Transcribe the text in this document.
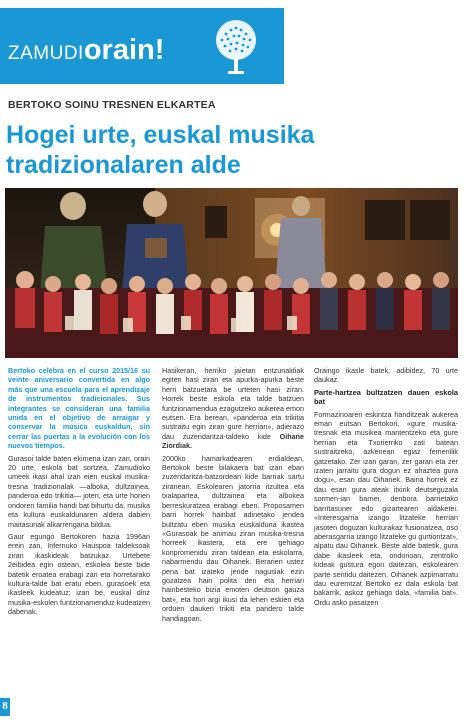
ZAMUDIorain!
BERTOKO SOINU TRESNEN ELKARTEA
Hogei urte, euskal musika tradizionalaren alde

Bertoko celebra en el curso 2015/16 su veinte aniversario convertida en algo más que una escuela para el aprendizaje de instrumentos tradicionales. Sus integrantes se consideran una familia unida en el objetivo de arraigar y conservar la música euskaldun, sin cerrar las puertas a la evolución con los nuevos tiempos.

Gurasoi talde baten ekimena izan zan, orain 20 urte, eskola bat sortzea, Zamudioko umeek ikasi ahal izan eien euskal musika-tresna tradizionalak —alboka, dultzainea, panderoa edo trikitia— joten, eta urte horien ondoren familia handi bat bihurtu da, musika eta kultura euskaldunaren aldera dabien maitasunak alkarrengana bildua.

Gaur egungo Bertokoren hazia 1996an erein zan, Infernuko Hauspoa taldeksoak ziran ikaskideak batzukaz. Urtebete 2eibidea egin ostean, eskolea beste bide batetik eroatea erabagi zan eta horretarako kultura-talde bat eratu eben, gurasoek eta ikasleek kudeatuz; izan be, euskal dinz musika-eskolen funtzionamenduz kudeatzen dabenak.

Hasikeran, herriko jaietan entzunaldiak egiten hasi ziran eta apurka-apurka beste herri batzuetara be urteten hasi ziran. Horrek beste eskola eta talde batzuen funtzionamendua ezagutzeko aukerea emon eutsen. Era berean, «panderoa eta trikitia sustraitu egin ziran gure herrian», adierazo dau zuzendaritza-taldeko kide Oihane Ziordiak.

2000ko hamarkadearen erdialdean, Bertokok beste bilakaera bat izan eban zuzendaritza-batzordean kide barriak sartu ziranean. Eskolearen jatorria itzultea eta txalapartea, dultzainea eta albokea berreskuratzea erabagi eben. Proposamen barri horrek hainbat adinetako jendea bultzatu eben musika euskalduna ikastea «Gurasoak be animau ziran musika-tresna horreek ikastera, eta ere gehiago konpromenidu ziran taldean eta eskolarra, nabarmendu dau Oihanek. Berarien ustez pena bat izateko jende nagusiak ezin gozatzea hain polita den eta herriari hainbesteko bizia emoten deutson gauza bat», eta hori argi ikusi da lehen eskien eta orduen dauken trikiti eta pandero talde handiagoan.

Oraingo ikasle batek, adibidez, 70 urte daukaz.

Parte-hartzea bultzatzen dauen eskola bat

Formazinoaren eskintza handitzeak aukerea eman eutsan Bertokori, «gure musika-tresnak eta musikea mantentzeko eta gure herrian eta Txorierriko zati batean sustraitzeko, azkenean egiaz femenilik gatzetako. Zer izan garan, zer garan eta zer izaten jarraitu gura dogun ez ahaztea gura dogu», esan dau Oihanek. Baina horrek ez dau esan gura ateak itxirik deutseguzala sormen-ian barriei, denbora barrietako barritasuner edo gizartearen aldaketei. «Interesgarria izango litzateke herrian jasoten doguzan kulturakaz fusionatzea, oso aberasgarria izango litzateke gu gurtiontzat», alpatu dau Oihanek. Beste alde batetik, gura dabe ikasleek eta, ondorioan, zentroko kideak gustura egon daitezan, eskolearen parte sentidu daitezen. Oihanek azpimarratu dau euremtzat Bertoko ez dala eskola bat bakarrik, askoz gehiago dala, «familia bat». Ordu asko pasatzen

8
